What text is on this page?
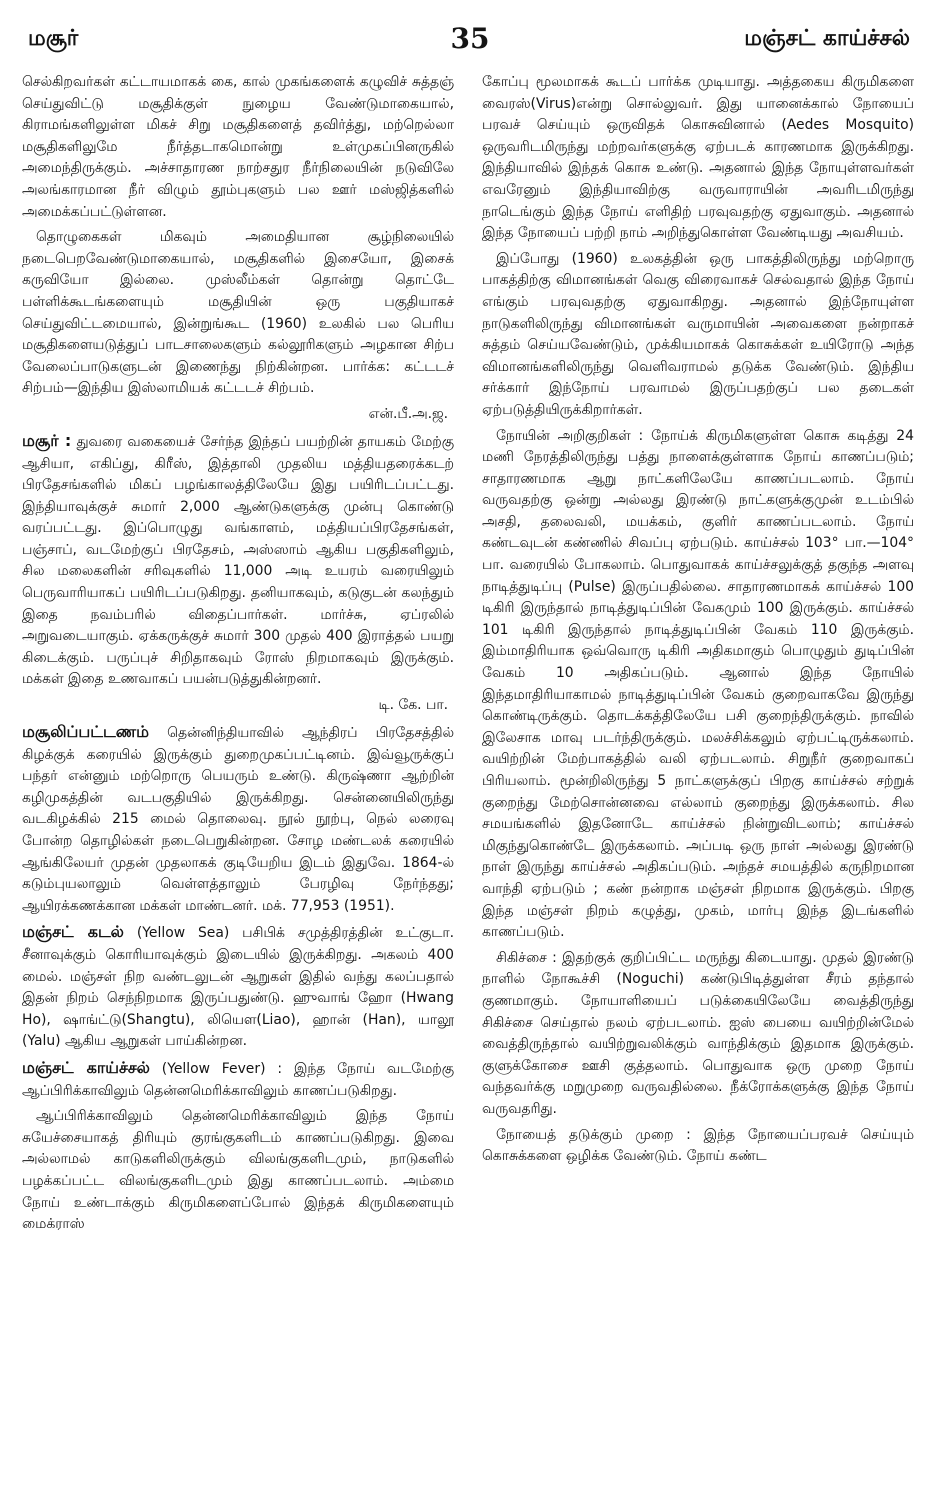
மசூர்	35	மஞ்சட் காய்ச்சல்

செல்கிறவர்கள் கட்டாயமாகக் கை, கால் முகங்களைக் கழுவிச் சுத்தஞ் செய்துவிட்டு மசூதிக்குள் நுழைய வேண்டுமாகையால், கிராமங்களிலுள்ள மிகச் சிறு மசூதிகளைத் தவிர்த்து, மற்றெல்லா மசூதிகளிலுமே நீர்த்தடாகமொன்று உள்முகப்பினருகில் அமைந்திருக்கும். அச்சாதாரண நாற்சதுர நீர்நிலையின் நடுவிலே அலங்காரமான நீர் விழும் தூம்புகளும் பல ஊர் மஸ்ஜித்களில் அமைக்கப்பட்டுள்ளன.

தொழுகைகள் மிகவும் அமைதியான சூழ்நிலையில் நடைபெறவேண்டுமாகையால், மசூதிகளில் இசையோ, இசைக் கருவியோ இல்லை. முஸ்லீம்கள் தொன்று தொட்டே பள்ளிக்கூடங்களையும் மசூதியின் ஒரு பகுதியாகச் செய்துவிட்டமையால், இன்றுங்கூட (1960) உலகில் பல பெரிய மசூதிகளையடுத்துப் பாடசாலைகளும் கல்லூரிகளும் அழகான சிற்ப வேலைப்பாடுகளுடன் இணைந்து நிற்கின்றன. பார்க்க: கட்டடச் சிற்பம்—இந்திய இஸ்லாமியக் கட்டடச் சிற்பம்.

என்.பீ.அ.ஜ.

மசூர் : துவரை வகையைச் சேர்ந்த இந்தப் பயற்றின் தாயகம் மேற்கு ஆசியா, எகிப்து, கிரீஸ், இத்தாலி முதலிய மத்தியதரைக்கடற் பிரதேசங்களில் மிகப் பழங்காலத்திலேயே இது பயிரிடப்பட்டது. இந்தியாவுக்குச் சுமார் 2,000 ஆண்டுகளுக்கு முன்பு கொண்டு வரப்பட்டது. இப்பொழுது வங்காளம், மத்தியப்பிரதேசங்கள், பஞ்சாப், வடமேற்குப் பிரதேசம், அஸ்ஸாம் ஆகிய பகுதிகளிலும், சில மலைகளின் சரிவுகளில் 11,000 அடி உயரம் வரையிலும் பெருவாரியாகப் பயிரிடப்படுகிறது. தனியாகவும், கடுகுடன் கலந்தும் இதை நவம்பரில் விதைப்பார்கள். மார்ச்சு, ஏப்ரலில் அறுவடையாகும். ஏக்கருக்குச் சுமார் 300 முதல் 400 இராத்தல் பயறு கிடைக்கும். பருப்புச் சிறிதாகவும் ரோஸ் நிறமாகவும் இருக்கும். மக்கள் இதை உணவாகப் பயன்படுத்துகின்றனர்.

டி. கே. பா.

மசூலிப்பட்டணம் தென்னிந்தியாவில் ஆந்திரப் பிரதேசத்தில் கிழக்குக் கரையில் இருக்கும் துறைமுகப்பட்டினம். இவ்வூருக்குப் பந்தர் என்னும் மற்றொரு பெயரும் உண்டு. கிருஷ்ணா ஆற்றின் கழிமுகத்தின் வடபகுதியில் இருக்கிறது. சென்னையிலிருந்து வடகிழக்கில் 215 மைல் தொலைவு. நூல் நூற்பு, நெல் லரைவு போன்ற தொழில்கள் நடைபெறுகின்றன. சோழ மண்டலக் கரையில் ஆங்கிலேயர் முதன் முதலாகக் குடியேறிய இடம் இதுவே. 1864-ல் கடும்புயலாலும் வெள்ளத்தாலும் பேரழிவு நேர்ந்தது; ஆயிரக்கணக்கான மக்கள் மாண்டனர். மக். 77,953 (1951).

மஞ்சட் கடல் (Yellow Sea) பசிபிக் சமுத்திரத்தின் உட்குடா. சீனாவுக்கும் கொரியாவுக்கும் இடையில் இருக்கிறது. அகலம் 400 மைல். மஞ்சள் நிற வண்டலுடன் ஆறுகள் இதில் வந்து கலப்பதால் இதன் நிறம் செந்நிறமாக இருப்பதுண்டு. ஹுவாங் ஹோ (Hwang Ho), ஷாங்ட்டு(Shangtu), லியௌ(Liao), ஹான் (Han), யாலூ (Yalu) ஆகிய ஆறுகள் பாய்கின்றன.

மஞ்சட் காய்ச்சல் (Yellow Fever) : இந்த நோய் வடமேற்கு ஆப்பிரிக்காவிலும் தென்னமெரிக்காவிலும் காணப்படுகிறது.

ஆப்பிரிக்காவிலும் தென்னமெரிக்காவிலும் இந்த நோய் சுயேச்சையாகத் திரியும் குரங்குகளிடம் காணப்படுகிறது. இவை அல்லாமல் காடுகளிலிருக்கும் விலங்குகளிடமும், நாடுகளில் பழக்கப்பட்ட விலங்குகளிடமும் இது காணப்படலாம். அம்மை நோய் உண்டாக்கும் கிருமிகளைப்போல் இந்தக் கிருமிகளையும் மைக்ராஸ்

கோப்பு மூலமாகக் கூடப் பார்க்க முடியாது. அத்தகைய கிருமிகளை வைரஸ்(Virus)என்று சொல்லுவர். இது யானைக்கால் நோயைப் பரவச் செய்யும் ஒருவிதக் கொசுவினால் (Aedes Mosquito) ஒருவரிடமிருந்து மற்றவர்களுக்கு ஏற்படக் காரணமாக இருக்கிறது. இந்தியாவில் இந்தக் கொசு உண்டு. அதனால் இந்த நோயுள்ளவர்கள் எவரேனும் இந்தியாவிற்கு வருவாராயின் அவரிடமிருந்து நாடெங்கும் இந்த நோய் எளிதிற் பரவுவதற்கு ஏதுவாகும். அதனால் இந்த நோயைப் பற்றி நாம் அறிந்துகொள்ள வேண்டியது அவசியம்.

இப்போது (1960) உலகத்தின் ஒரு பாகத்திலிருந்து மற்றொரு பாகத்திற்கு விமானங்கள் வெகு விரைவாகச் செல்வதால் இந்த நோய் எங்கும் பரவுவதற்கு ஏதுவாகிறது. அதனால் இந்நோயுள்ள நாடுகளிலிருந்து விமானங்கள் வருமாயின் அவைகளை நன்றாகச் சுத்தம் செய்யவேண்டும், முக்கியமாகக் கொசுக்கள் உயிரோடு அந்த விமானங்களிலிருந்து வெளிவராமல் தடுக்க வேண்டும். இந்திய சர்க்கார் இந்நோய் பரவாமல் இருப்பதற்குப் பல தடைகள் ஏற்படுத்தியிருக்கிறார்கள்.

நோயின் அறிகுறிகள் : நோய்க் கிருமிகளுள்ள கொசு கடித்து 24 மணி நேரத்திலிருந்து பத்து நாளைக்குள்ளாக நோய் காணப்படும்; சாதாரணமாக ஆறு நாட்களிலேயே காணப்படலாம். நோய் வருவதற்கு ஒன்று அல்லது இரண்டு நாட்களுக்குமுன் உடம்பில் அசதி, தலைவலி, மயக்கம், குளிர் காணப்படலாம். நோய் கண்டவுடன் கண்ணில் சிவப்பு ஏற்படும். காய்ச்சல் 103° பா.—104° பா. வரையில் போகலாம். பொதுவாகக் காய்ச்சலுக்குத் தகுந்த அளவு நாடித்துடிப்பு (Pulse) இருப்பதில்லை. சாதாரணமாகக் காய்ச்சல் 100 டிகிரி இருந்தால் நாடித்துடிப்பின் வேகமும் 100 இருக்கும். காய்ச்சல் 101 டிகிரி இருந்தால் நாடித்துடிப்பின் வேகம் 110 இருக்கும். இம்மாதிரியாக ஒவ்வொரு டிகிரி அதிகமாகும் பொழுதும் துடிப்பின் வேகம் 10 அதிகப்படும். ஆனால் இந்த நோயில் இந்தமாதிரியாகாமல் நாடித்துடிப்பின் வேகம் குறைவாகவே இருந்து கொண்டிருக்கும். தொடக்கத்திலேயே பசி குறைந்திருக்கும். நாவில் இலேசாக மாவு படர்ந்திருக்கும். மலச்சிக்கலும் ஏற்பட்டிருக்கலாம். வயிற்றின் மேற்பாகத்தில் வலி ஏற்படலாம். சிறுநீர் குறைவாகப் பிரியலாம். மூன்றிலிருந்து 5 நாட்களுக்குப் பிறகு காய்ச்சல் சற்றுக் குறைந்து மேற்சொன்னவை எல்லாம் குறைந்து இருக்கலாம். சில சமயங்களில் இதனோடே காய்ச்சல் நின்றுவிடலாம்; காய்ச்சல் மிகுந்துகொண்டே இருக்கலாம். அப்படி ஒரு நாள் அல்லது இரண்டு நாள் இருந்து காய்ச்சல் அதிகப்படும். அந்தச் சமயத்தில் கருநிறமான வாந்தி ஏற்படும் ; கண் நன்றாக மஞ்சள் நிறமாக இருக்கும். பிறகு இந்த மஞ்சள் நிறம் கழுத்து, முகம், மார்பு இந்த இடங்களில் காணப்படும்.

சிகிச்சை : இதற்குக் குறிப்பிட்ட மருந்து கிடையாது. முதல் இரண்டு நாளில் நோகூச்சி (Noguchi) கண்டுபிடித்துள்ள சீரம் தந்தால் குணமாகும். நோயாளியைப் படுக்கையிலேயே வைத்திருந்து சிகிச்சை செய்தால் நலம் ஏற்படலாம். ஐஸ் பையை வயிற்றின்மேல் வைத்திருந்தால் வயிற்றுவலிக்கும் வாந்திக்கும் இதமாக இருக்கும். குளுக்கோசை ஊசி குத்தலாம். பொதுவாக ஒரு முறை நோய் வந்தவர்க்கு மறுமுறை வருவதில்லை. நீக்ரோக்களுக்கு இந்த நோய் வருவதரிது.

நோயைத் தடுக்கும் முறை : இந்த நோயைப்பரவச் செய்யும் கொசுக்களை ஒழிக்க வேண்டும். நோய் கண்ட
